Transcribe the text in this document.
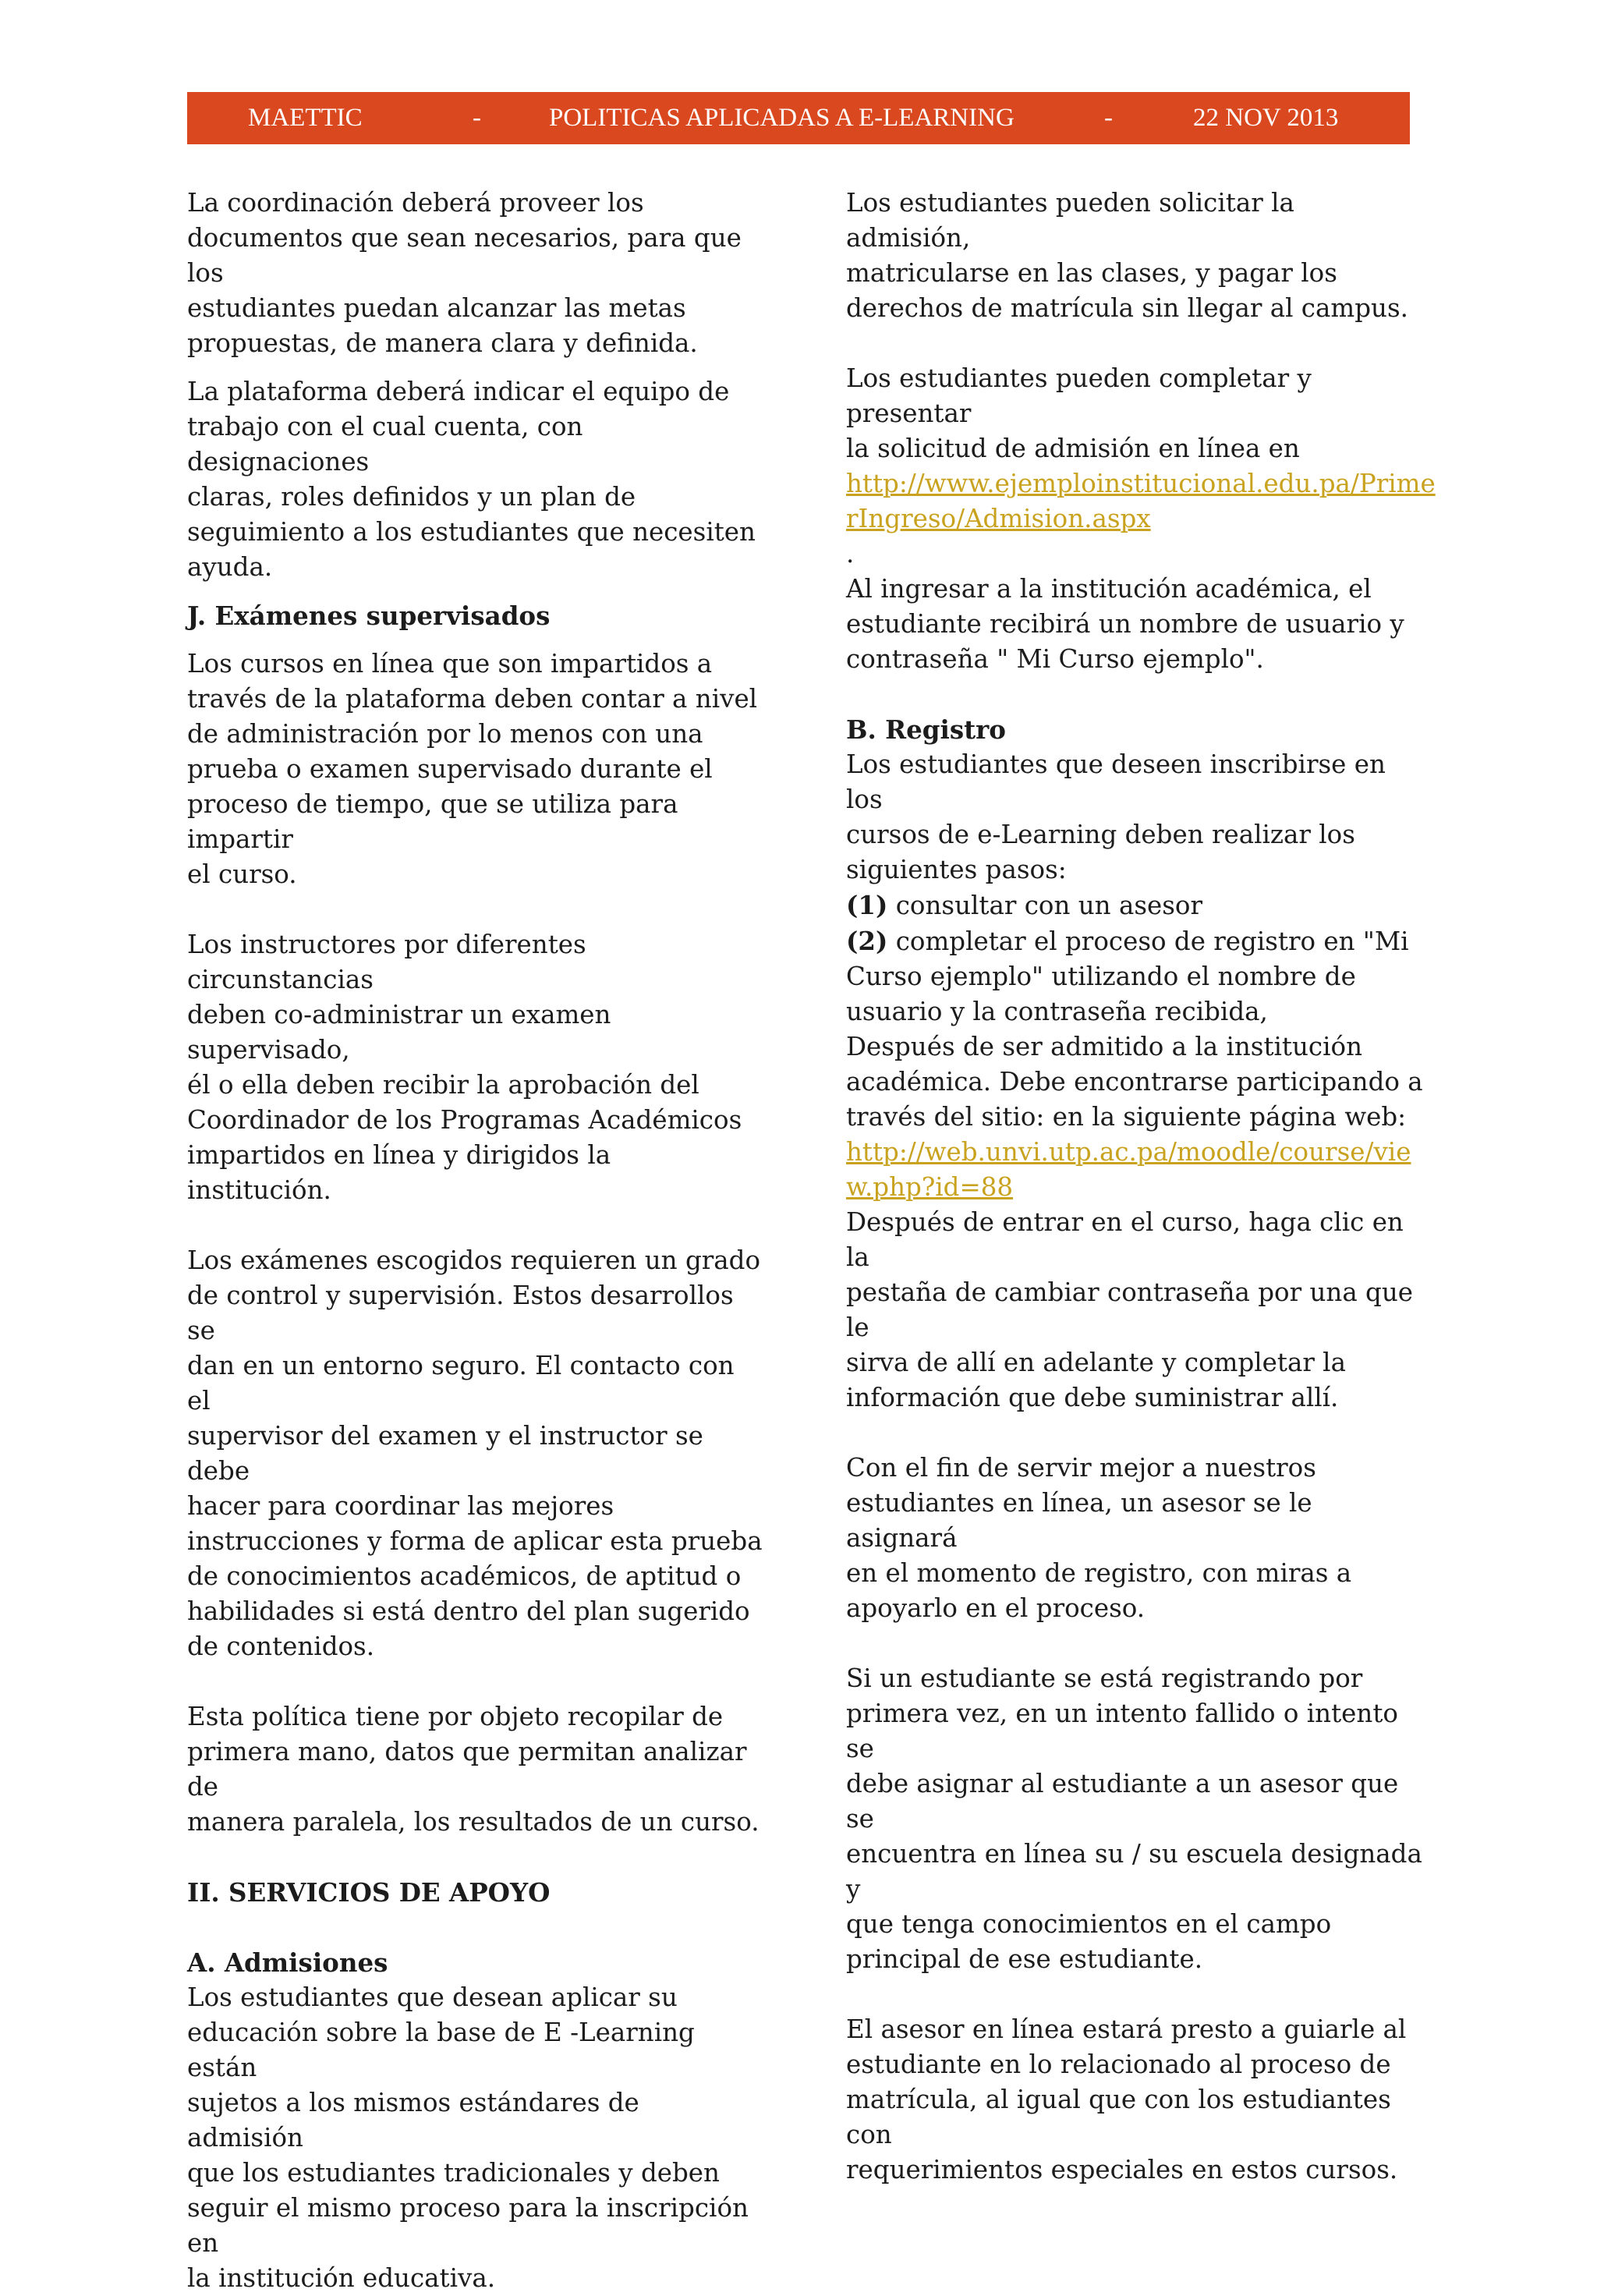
MAETTIC	-	POLITICAS APLICADAS A E-LEARNING	-	22 NOV 2013

La coordinación deberá proveer los
documentos que sean necesarios, para que los
estudiantes puedan alcanzar las metas
propuestas, de manera clara y definida.

La plataforma deberá indicar el equipo de
trabajo con el cual cuenta, con designaciones
claras, roles definidos y un plan de
seguimiento a los estudiantes que necesiten
ayuda.

J. Exámenes supervisados

Los cursos en línea que son impartidos a
través de la plataforma deben contar a nivel
de administración por lo menos con una
prueba o examen supervisado durante el
proceso de tiempo, que se utiliza para impartir
el curso.

Los instructores por diferentes circunstancias
deben co-administrar un examen supervisado,
él o ella deben recibir la aprobación del
Coordinador de los Programas Académicos
impartidos en línea y dirigidos la institución.

Los exámenes escogidos requieren un grado
de control y supervisión. Estos desarrollos se
dan en un entorno seguro. El contacto con el
supervisor del examen y el instructor se debe
hacer para coordinar las mejores
instrucciones y forma de aplicar esta prueba
de conocimientos académicos, de aptitud o
habilidades si está dentro del plan sugerido
de contenidos.

Esta política tiene por objeto recopilar de
primera mano, datos que permitan analizar de
manera paralela, los resultados de un curso.

II. SERVICIOS DE APOYO

A. Admisiones

Los estudiantes que desean aplicar su
educación sobre la base de E -Learning están
sujetos a los mismos estándares de admisión
que los estudiantes tradicionales y deben
seguir el mismo proceso para la inscripción en
la institución educativa.

Los estudiantes pueden solicitar la admisión,
matricularse en las clases, y pagar los
derechos de matrícula sin llegar al campus.

Los estudiantes pueden completar y presentar
la solicitud de admisión en línea en

http://www.ejemploinstitucional.edu.pa/Prime
rIngreso/Admision.aspx

.

Al ingresar a la institución académica, el
estudiante recibirá un nombre de usuario y
contraseña " Mi Curso ejemplo".

B. Registro

Los estudiantes que deseen inscribirse en los
cursos de e-Learning deben realizar los
siguientes pasos:

(1) consultar con un asesor

(2) completar el proceso de registro en "Mi
Curso ejemplo" utilizando el nombre de
usuario y la contraseña recibida,
Después de ser admitido a la institución
académica. Debe encontrarse participando a
través del sitio: en la siguiente página web:

http://web.unvi.utp.ac.pa/moodle/course/vie
w.php?id=88

Después de entrar en el curso, haga clic en la
pestaña de cambiar contraseña por una que le
sirva de allí en adelante y completar la
información que debe suministrar allí.

Con el fin de servir mejor a nuestros
estudiantes en línea, un asesor se le asignará
en el momento de registro, con miras a
apoyarlo en el proceso.

Si un estudiante se está registrando por
primera vez, en un intento fallido o intento se
debe asignar al estudiante a un asesor que se
encuentra en línea su / su escuela designada y
que tenga conocimientos en el campo
principal de ese estudiante.

El asesor en línea estará presto a guiarle al
estudiante en lo relacionado al proceso de
matrícula, al igual que con los estudiantes con
requerimientos especiales en estos cursos.
